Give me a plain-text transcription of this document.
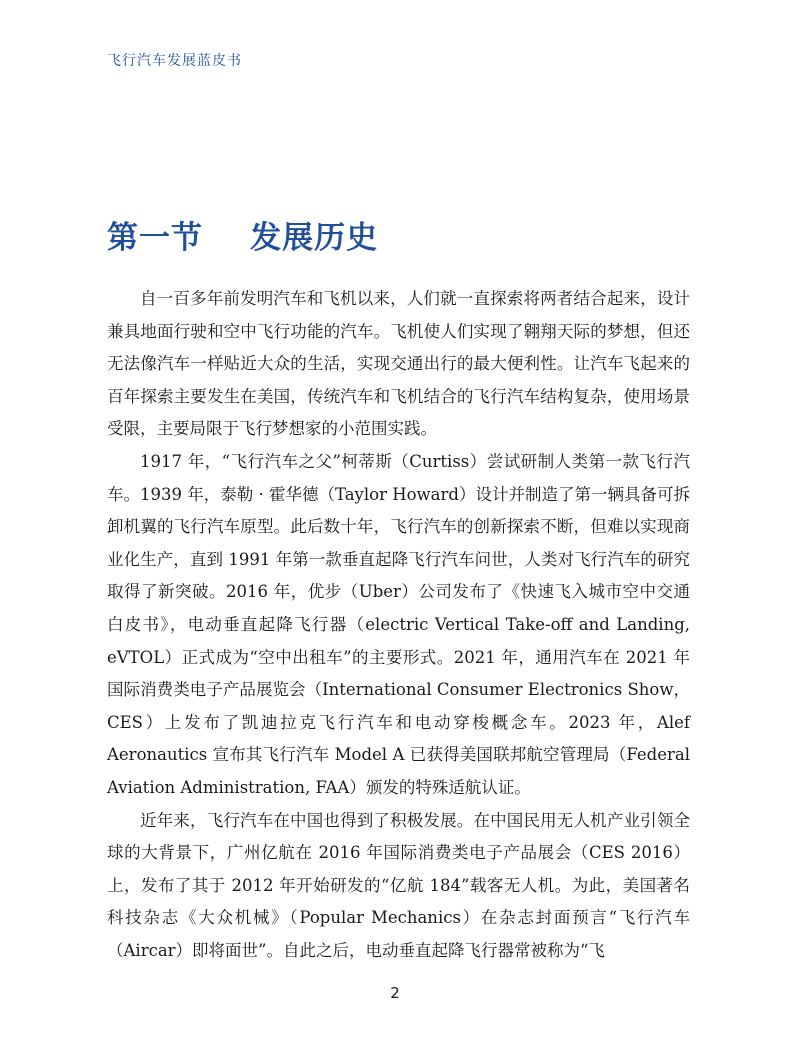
飞行汽车发展蓝皮书
第一节    发展历史

自一百多年前发明汽车和飞机以来，人们就一直探索将两者结合起来，设计兼具地面行驶和空中飞行功能的汽车。飞机使人们实现了翱翔天际的梦想，但还无法像汽车一样贴近大众的生活，实现交通出行的最大便利性。让汽车飞起来的百年探索主要发生在美国，传统汽车和飞机结合的飞行汽车结构复杂，使用场景受限，主要局限于飞行梦想家的小范围实践。

1917 年，“飞行汽车之父”柯蒂斯（Curtiss）尝试研制人类第一款飞行汽车。1939 年，泰勒 · 霍华德（Taylor Howard）设计并制造了第一辆具备可拆卸机翼的飞行汽车原型。此后数十年，飞行汽车的创新探索不断，但难以实现商业化生产，直到 1991 年第一款垂直起降飞行汽车问世，人类对飞行汽车的研究取得了新突破。2016 年，优步（Uber）公司发布了《快速飞入城市空中交通白皮书》，电动垂直起降飞行器（electric Vertical Take-off and Landing, eVTOL）正式成为“空中出租车”的主要形式。2021 年，通用汽车在 2021 年国际消费类电子产品展览会（International Consumer Electronics Show，CES）上发布了凯迪拉克飞行汽车和电动穿梭概念车。2023 年，Alef Aeronautics 宣布其飞行汽车 Model A 已获得美国联邦航空管理局（Federal Aviation Administration, FAA）颁发的特殊适航认证。

近年来，飞行汽车在中国也得到了积极发展。在中国民用无人机产业引领全球的大背景下，广州亿航在 2016 年国际消费类电子产品展会（CES 2016）上，发布了其于 2012 年开始研发的“亿航 184”载客无人机。为此，美国著名科技杂志《大众机械》（Popular Mechanics）在杂志封面预言“飞行汽车（Aircar）即将面世”。自此之后，电动垂直起降飞行器常被称为“飞

2
